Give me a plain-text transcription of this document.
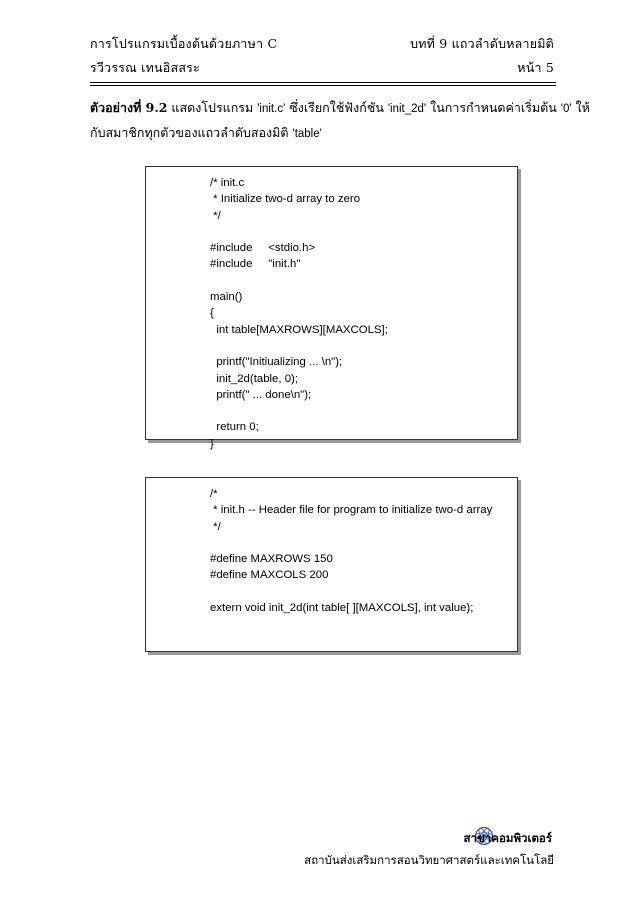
การโปรแกรมเบื้องต้นด้วยภาษา C	บทที่ 9 แถวลำดับหลายมิติ
รวีวรรณ เทนอิสสระ	หน้า 5
ตัวอย่างที่ 9.2 แสดงโปรแกรม 'init.c' ซึ่งเรียกใช้ฟังก์ชัน 'init_2d' ในการกำหนดค่าเริ่มต้น '0' ให้
กับสมาชิกทุกตัวของแถวลำดับสองมิติ 'table'
/* init.c
* Initialize two-d array to zero
*/

#include     <stdio.h>
#include     "init.h"

main()
{
int table[MAXROWS][MAXCOLS];

printf("Initiualizing ... \n");
init_2d(table, 0);
printf(" ... done\n");

return 0;
}

/*
* init.h -- Header file for program to initialize two-d array
*/

#define MAXROWS 150
#define MAXCOLS 200

extern void init_2d(int table[ ][MAXCOLS], int value);

สาขาคอมพิวเตอร์
สถาบันส่งเสริมการสอนวิทยาศาสตร์และเทคโนโลยี
